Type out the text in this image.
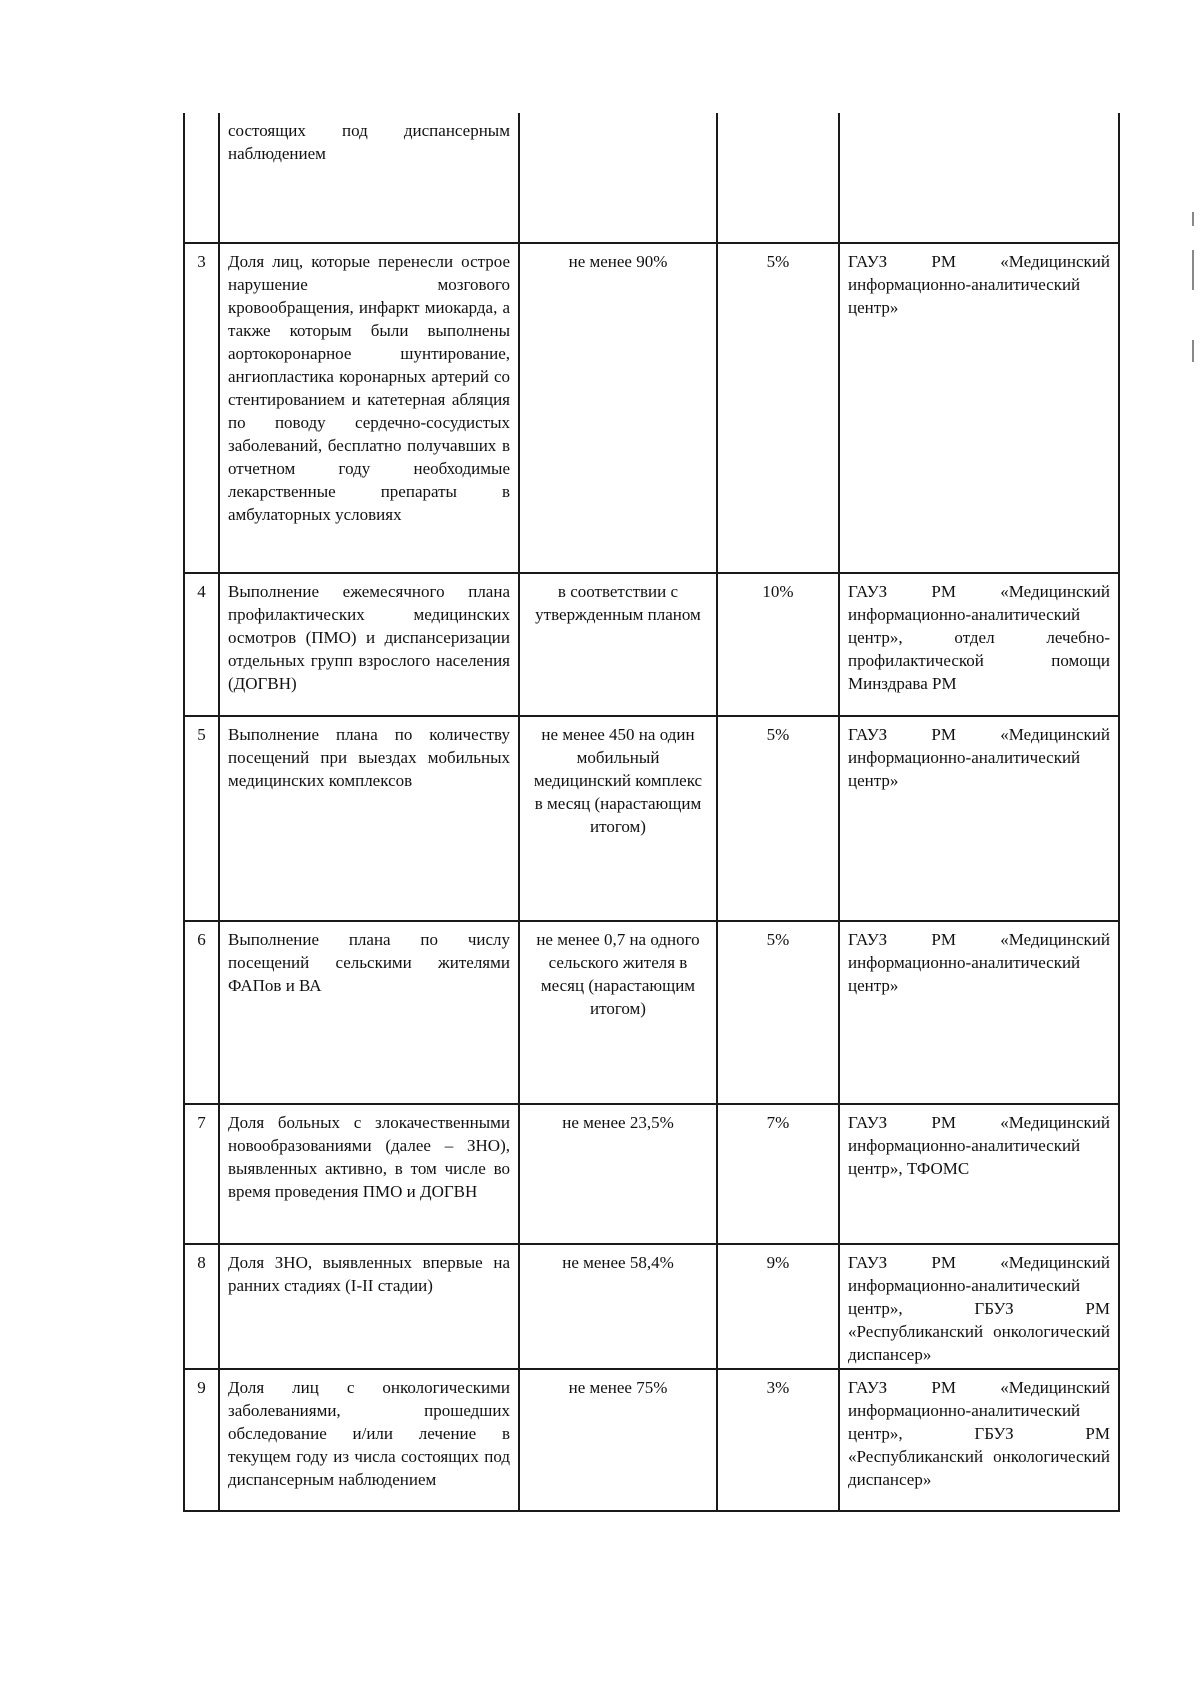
	состоящих под диспансерным наблюдением			
3	Доля лиц, которые перенесли острое нарушение мозгового кровообращения, инфаркт миокарда, а также которым были выполнены аортокоронарное шунтирование, ангиопластика коронарных артерий со стентированием и катетерная абляция по поводу сердечно-сосудистых заболеваний, бесплатно получавших в отчетном году необходимые лекарственные препараты в амбулаторных условиях	не менее 90%	5%	ГАУЗ РМ «Медицинский информационно-аналитический центр»
4	Выполнение ежемесячного плана профилактических медицинских осмотров (ПМО) и диспансеризации отдельных групп взрослого населения (ДОГВН)	в соответствии с утвержденным планом	10%	ГАУЗ РМ «Медицинский информационно-аналитический центр», отдел лечебно-профилактической помощи Минздрава РМ
5	Выполнение плана по количеству посещений при выездах мобильных медицинских комплексов	не менее 450 на один мобильный медицинский комплекс в месяц (нарастающим итогом)	5%	ГАУЗ РМ «Медицинский информационно-аналитический центр»
6	Выполнение плана по числу посещений сельскими жителями ФАПов и ВА	не менее 0,7 на одного сельского жителя в месяц (нарастающим итогом)	5%	ГАУЗ РМ «Медицинский информационно-аналитический центр»
7	Доля больных с злокачественными новообразованиями (далее – ЗНО), выявленных активно, в том числе во время проведения ПМО и ДОГВН	не менее 23,5%	7%	ГАУЗ РМ «Медицинский информационно-аналитический центр», ТФОМС
8	Доля ЗНО, выявленных впервые на ранних стадиях (I-II стадии)	не менее 58,4%	9%	ГАУЗ РМ «Медицинский информационно-аналитический центр», ГБУЗ РМ «Республиканский онкологический диспансер»
9	Доля лиц с онкологическими заболеваниями, прошедших обследование и/или лечение в текущем году из числа состоящих под диспансерным наблюдением	не менее 75%	3%	ГАУЗ РМ «Медицинский информационно-аналитический центр», ГБУЗ РМ «Республиканский онкологический диспансер»
